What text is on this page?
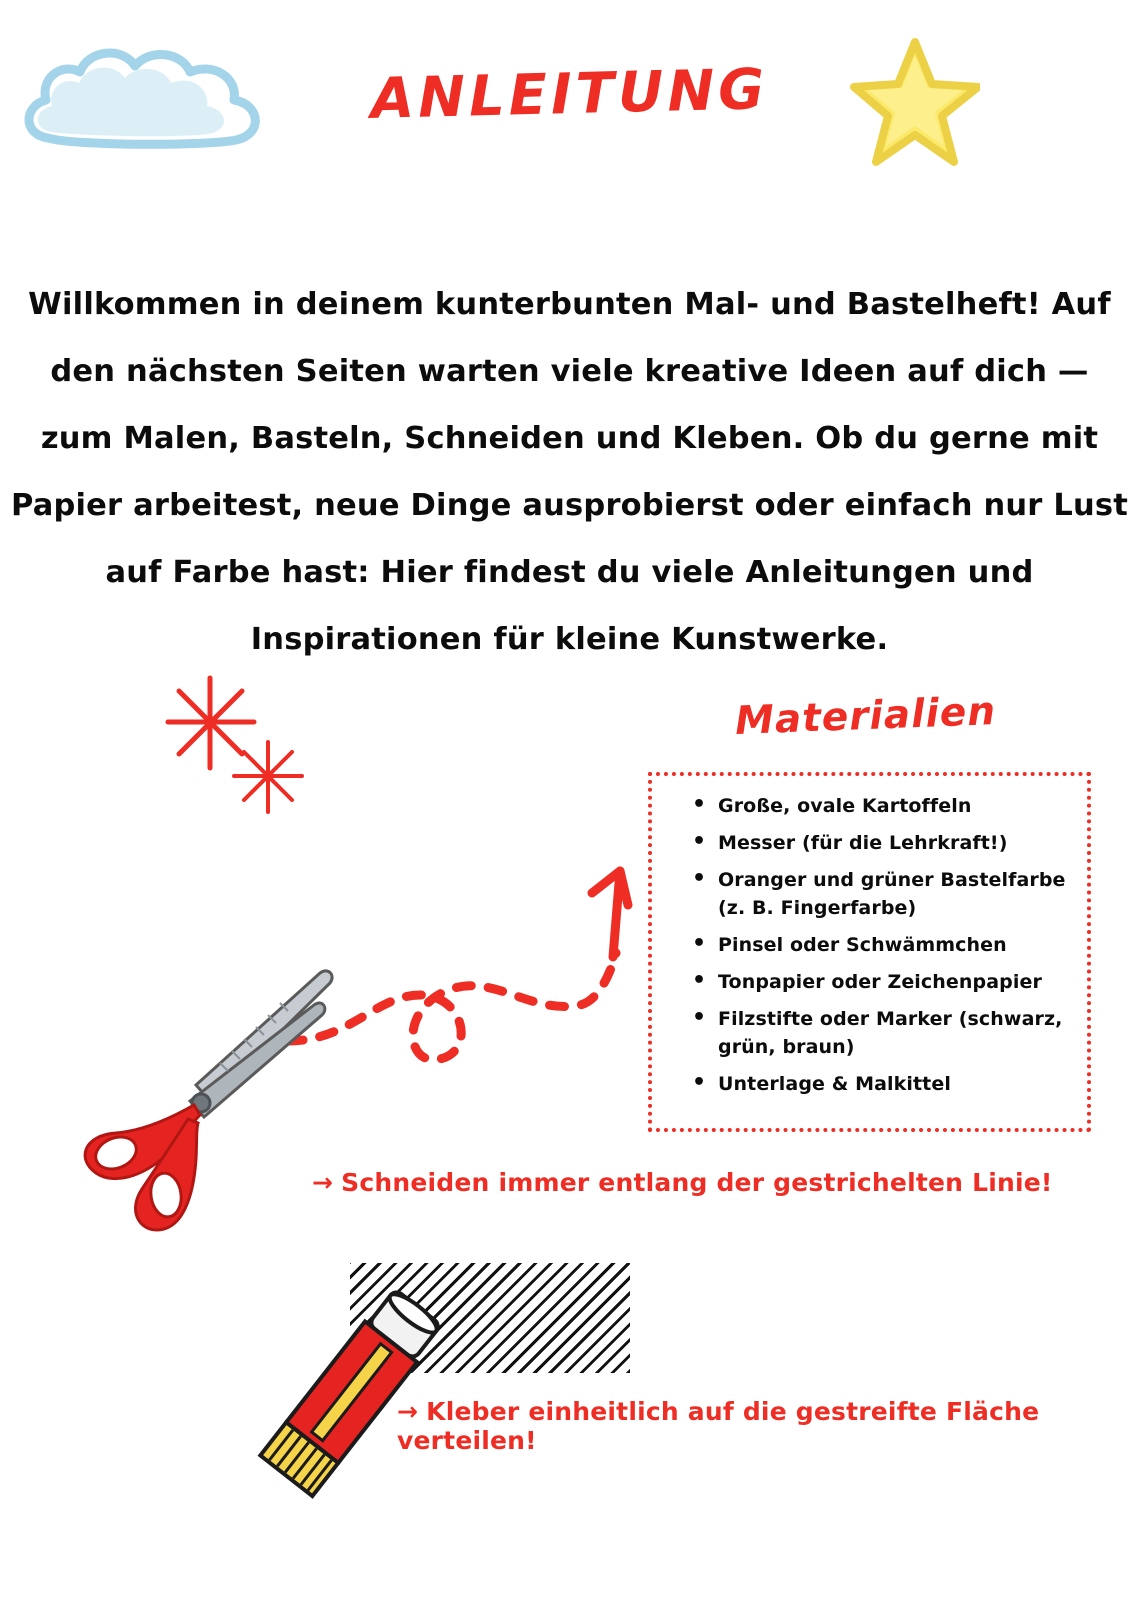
ANLEITUNG

Willkommen in deinem kunterbunten Mal- und Bastelheft! Auf den nächsten Seiten warten viele kreative Ideen auf dich — zum Malen, Basteln, Schneiden und Kleben. Ob du gerne mit Papier arbeitest, neue Dinge ausprobierst oder einfach nur Lust auf Farbe hast: Hier findest du viele Anleitungen und Inspirationen für kleine Kunstwerke.

Materialien
• Große, ovale Kartoffeln
• Messer (für die Lehrkraft!)
• Oranger und grüner Bastelfarbe
(z. B. Fingerfarbe)
• Pinsel oder Schwämmchen
• Tonpapier oder Zeichenpapier
• Filzstifte oder Marker (schwarz,
grün, braun)
• Unterlage & Malkittel
→ Schneiden immer entlang der gestrichelten Linie!
→ Kleber einheitlich auf die gestreifte Fläche verteilen!
